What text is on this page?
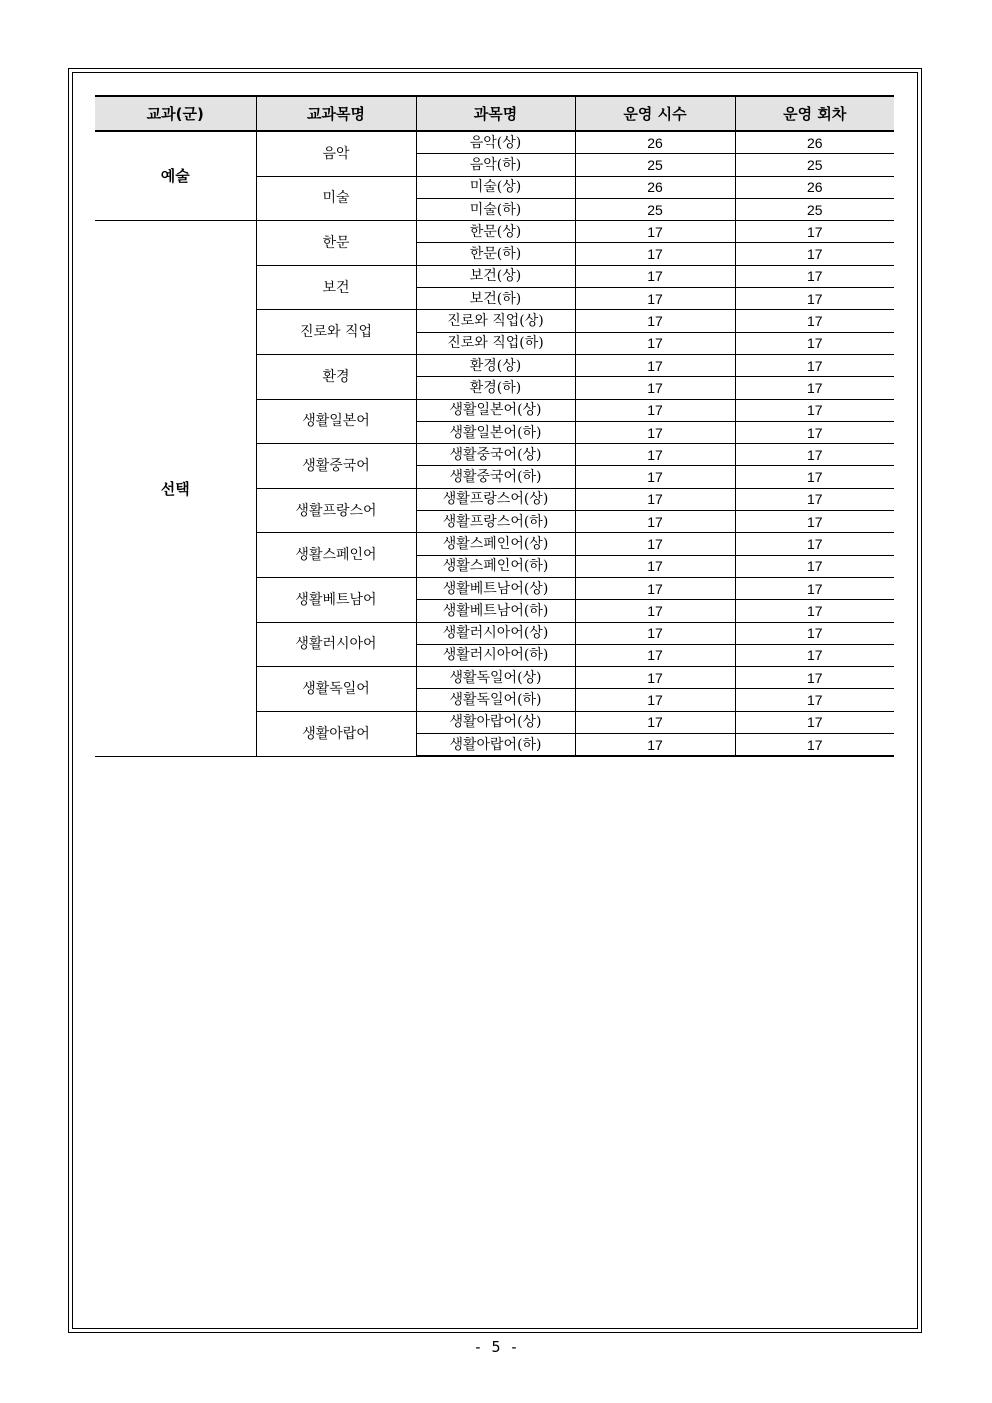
교과(군)	교과목명	과목명	운영 시수	운영 회차
예술	음악	음악(상)	26	26
		음악(하)	25	25
	미술	미술(상)	26	26
		미술(하)	25	25
선택	한문	한문(상)	17	17
		한문(하)	17	17
	보건	보건(상)	17	17
		보건(하)	17	17
	진로와 직업	진로와 직업(상)	17	17
		진로와 직업(하)	17	17
	환경	환경(상)	17	17
		환경(하)	17	17
	생활일본어	생활일본어(상)	17	17
		생활일본어(하)	17	17
	생활중국어	생활중국어(상)	17	17
		생활중국어(하)	17	17
	생활프랑스어	생활프랑스어(상)	17	17
		생활프랑스어(하)	17	17
	생활스페인어	생활스페인어(상)	17	17
		생활스페인어(하)	17	17
	생활베트남어	생활베트남어(상)	17	17
		생활베트남어(하)	17	17
	생활러시아어	생활러시아어(상)	17	17
		생활러시아어(하)	17	17
	생활독일어	생활독일어(상)	17	17
		생활독일어(하)	17	17
	생활아랍어	생활아랍어(상)	17	17
		생활아랍어(하)	17	17
- 5 -
